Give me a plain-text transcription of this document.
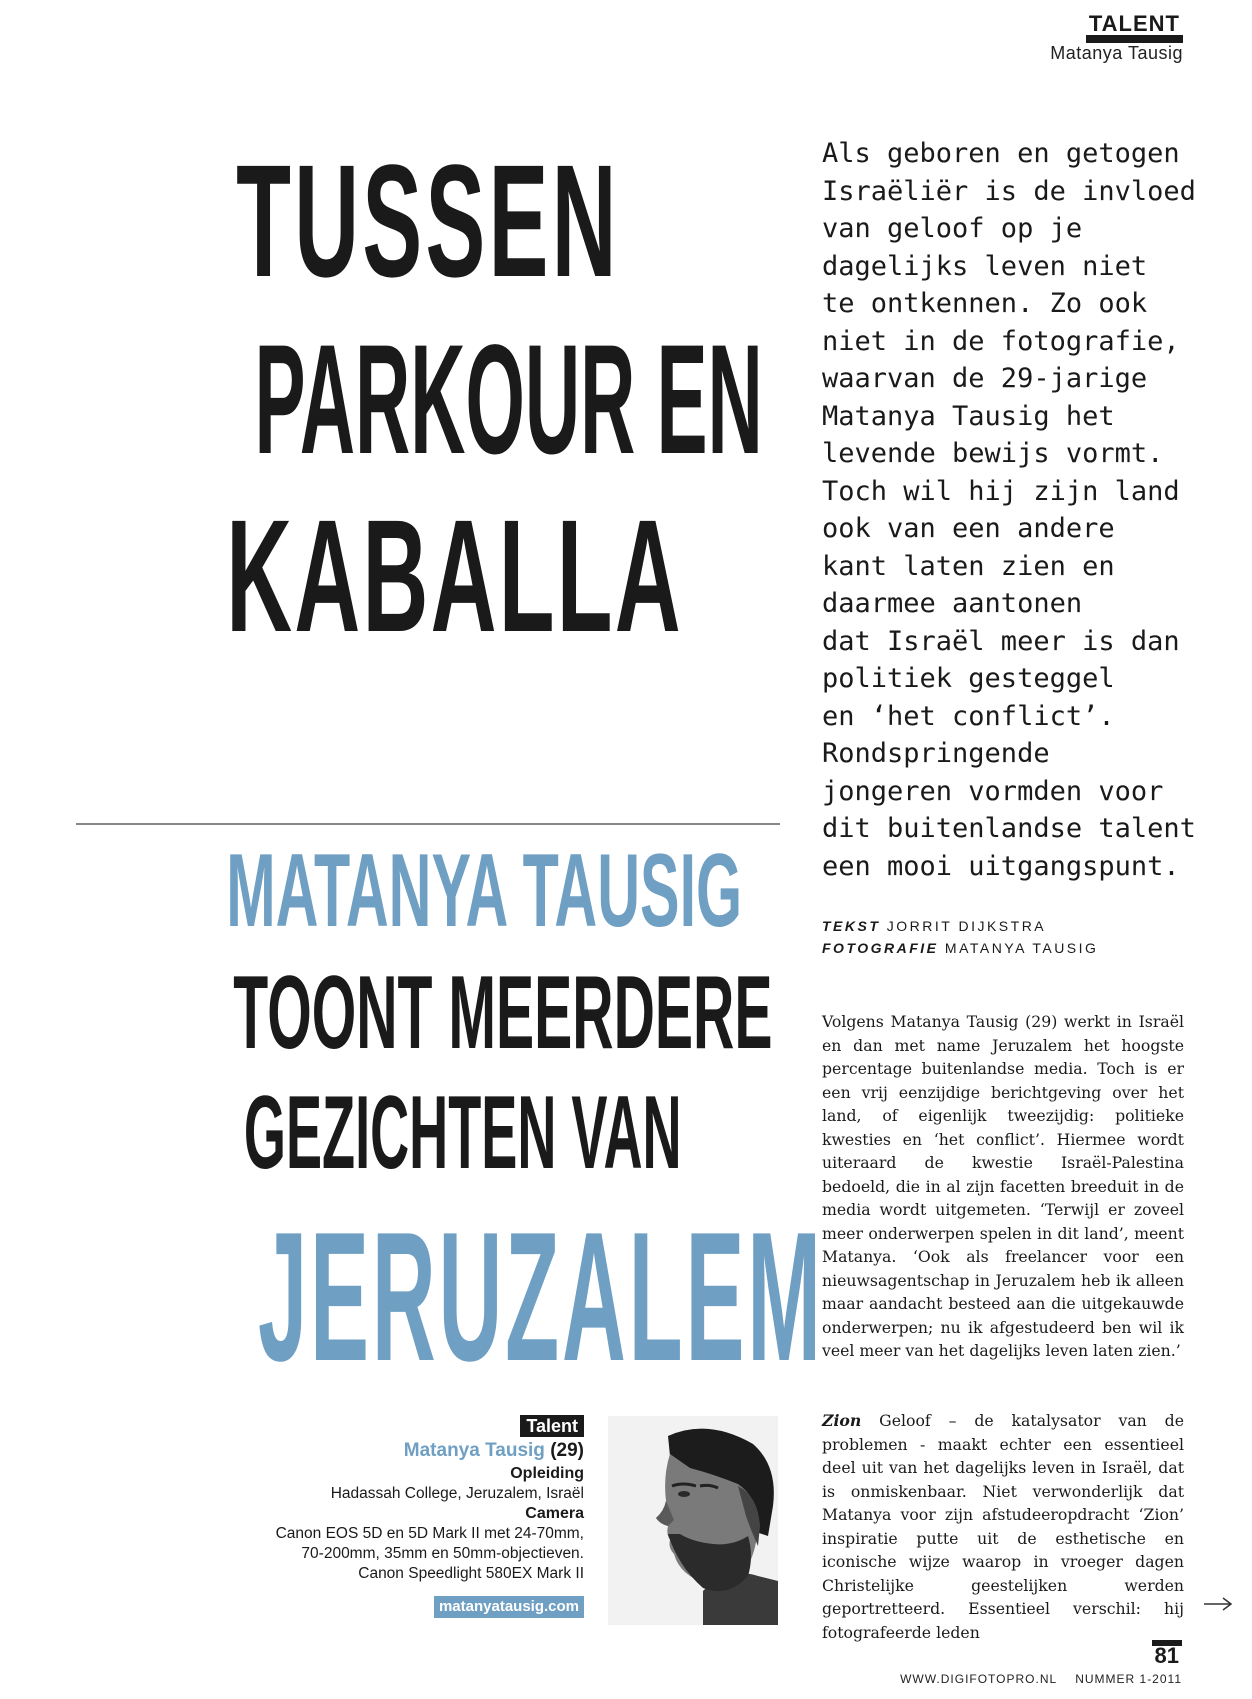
TALENT
Matanya Tausig
TUSSEN
PARKOUR EN
KABALLA
MATANYA TAUSIG
TOONT MEERDERE
GEZICHTEN VAN
JERUZALEM
Als geboren en getogen
Israëliër is de invloed
van geloof op je
dagelijks leven niet
te ontkennen. Zo ook
niet in de fotografie,
waarvan de 29-jarige
Matanya Tausig het
levende bewijs vormt.
Toch wil hij zijn land
ook van een andere
kant laten zien en
daarmee aantonen
dat Israël meer is dan
politiek gesteggel
en ‘het conflict’.
Rondspringende
jongeren vormden voor
dit buitenlandse talent
een mooi uitgangspunt.
TEKST JORRIT DIJKSTRA
FOTOGRAFIE MATANYA TAUSIG

Volgens Matanya Tausig (29) werkt in Israël en dan met name Jeruzalem het hoogste percentage buitenlandse media. Toch is er een vrij eenzijdige berichtgeving over het land, of eigenlijk tweezijdig: politieke kwesties en ‘het conflict’. Hiermee wordt uiteraard de kwestie Israël-Palestina bedoeld, die in al zijn facetten breeduit in de media wordt uitgemeten. ‘Terwijl er zoveel meer onderwerpen spelen in dit land’, meent Matanya. ‘Ook als freelancer voor een nieuwsagentschap in Jeruzalem heb ik alleen maar aandacht besteed aan die uitgekauwde onderwerpen; nu ik afgestudeerd ben wil ik veel meer van het dagelijks leven laten zien.’

Zion Geloof – de katalysator van de problemen - maakt echter een essentieel deel uit van het dagelijks leven in Israël, dat is onmiskenbaar. Niet verwonderlijk dat Matanya voor zijn afstudeeropdracht ‘Zion’ inspiratie putte uit de esthetische en iconische wijze waarop in vroeger dagen Christelijke geestelijken werden geportretteerd. Essentieel verschil: hij fotografeerde leden

Talent
Matanya Tausig (29)
Opleiding
Hadassah College, Jeruzalem, Israël
Camera
Canon EOS 5D en 5D Mark II met 24-70mm,
70-200mm, 35mm en 50mm-objectieven.
Canon Speedlight 580EX Mark II
matanyatausig.com
81
WWW.DIGIFOTOPRO.NL NUMMER 1-2011
